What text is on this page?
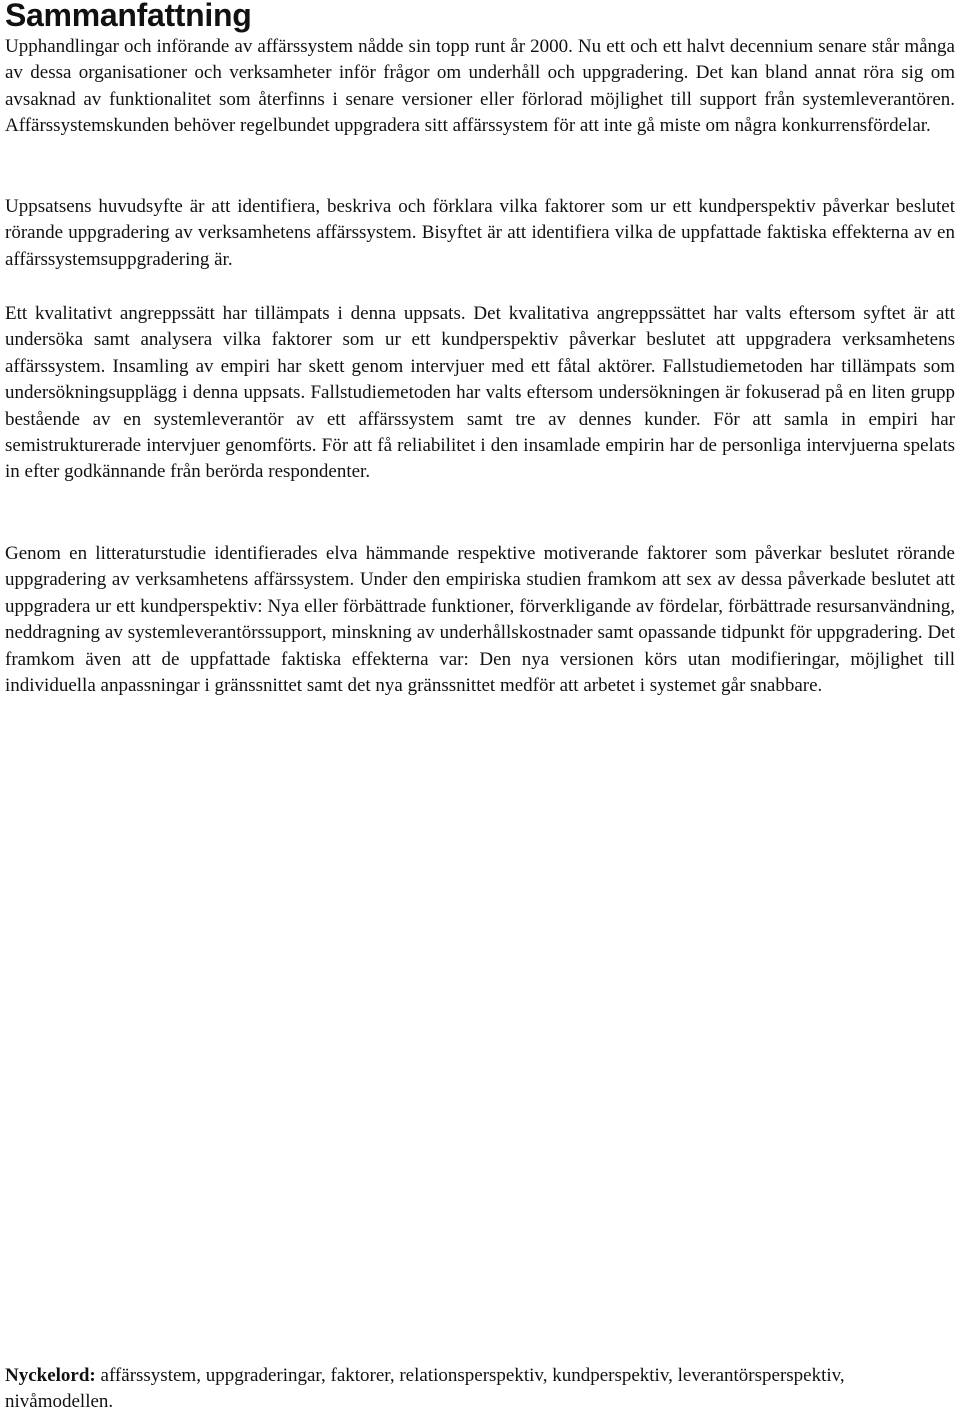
Sammanfattning

Upphandlingar och införande av affärssystem nådde sin topp runt år 2000. Nu ett och ett halvt decennium senare står många av dessa organisationer och verksamheter inför frågor om underhåll och uppgradering. Det kan bland annat röra sig om avsaknad av funktionalitet som återfinns i senare versioner eller förlorad möjlighet till support från systemleverantören. Affärssystemskunden behöver regelbundet uppgradera sitt affärssystem för att inte gå miste om några konkurrensfördelar.

Uppsatsens huvudsyfte är att identifiera, beskriva och förklara vilka faktorer som ur ett kundperspektiv påverkar beslutet rörande uppgradering av verksamhetens affärssystem. Bisyftet är att identifiera vilka de uppfattade faktiska effekterna av en affärssystemsuppgradering är.

Ett kvalitativt angreppssätt har tillämpats i denna uppsats. Det kvalitativa angreppssättet har valts eftersom syftet är att undersöka samt analysera vilka faktorer som ur ett kundperspektiv påverkar beslutet att uppgradera verksamhetens affärssystem. Insamling av empiri har skett genom intervjuer med ett fåtal aktörer. Fallstudiemetoden har tillämpats som undersökningsupplägg i denna uppsats. Fallstudiemetoden har valts eftersom undersökningen är fokuserad på en liten grupp bestående av en systemleverantör av ett affärssystem samt tre av dennes kunder. För att samla in empiri har semistrukturerade intervjuer genomförts. För att få reliabilitet i den insamlade empirin har de personliga intervjuerna spelats in efter godkännande från berörda respondenter.

Genom en litteraturstudie identifierades elva hämmande respektive motiverande faktorer som påverkar beslutet rörande uppgradering av verksamhetens affärssystem. Under den empiriska studien framkom att sex av dessa påverkade beslutet att uppgradera ur ett kundperspektiv: Nya eller förbättrade funktioner, förverkligande av fördelar, förbättrade resursanvändning, neddragning av systemleverantörssupport, minskning av underhållskostnader samt opassande tidpunkt för uppgradering. Det framkom även att de uppfattade faktiska effekterna var: Den nya versionen körs utan modifieringar, möjlighet till individuella anpassningar i gränssnittet samt det nya gränssnittet medför att arbetet i systemet går snabbare.

Nyckelord: affärssystem, uppgraderingar, faktorer, relationsperspektiv, kundperspektiv, leverantörsperspektiv, nivåmodellen.
